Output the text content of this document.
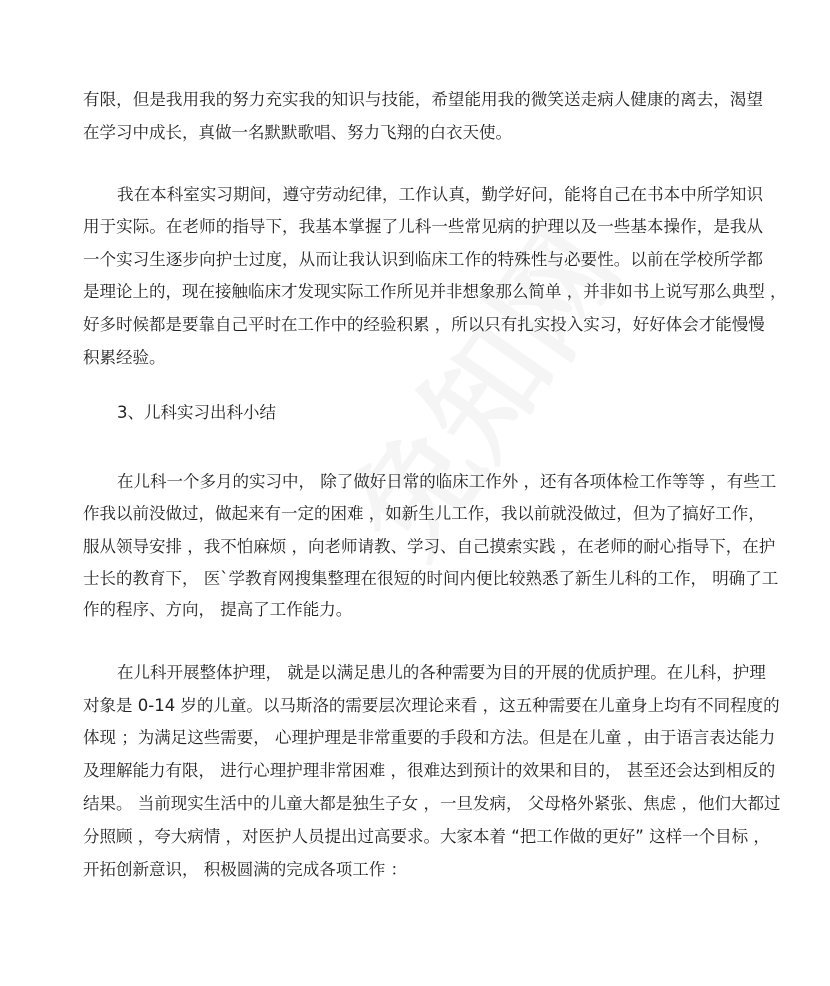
有限，但是我用我的努力充实我的知识与技能，希望能用我的微笑送走病人健康的离去，渴望
在学习中成长，真做一名默默歌唱、努力飞翔的白衣天使。
我在本科室实习期间，遵守劳动纪律，工作认真，勤学好问，能将自己在书本中所学知识
用于实际。在老师的指导下，我基本掌握了儿科一些常见病的护理以及一些基本操作，是我从
一个实习生逐步向护士过度，从而让我认识到临床工作的特殊性与必要性。以前在学校所学都
是理论上的，现在接触临床才发现实际工作所见并非想象那么简单 ，并非如书上说写那么典型 ，
好多时候都是要靠自己平时在工作中的经验积累 ，所以只有扎实投入实习，好好体会才能慢慢
积累经验。
3、儿科实习出科小结
在儿科一个多月的实习中， 除了做好日常的临床工作外 ，还有各项体检工作等等 ，有些工
作我以前没做过，做起来有一定的困难 ，如新生儿工作，我以前就没做过，但为了搞好工作，
服从领导安排 ，我不怕麻烦 ，向老师请教、学习、自己摸索实践 ，在老师的耐心指导下，在护
士长的教育下， 医`学教育网搜集整理在很短的时间内便比较熟悉了新生儿科的工作， 明确了工
作的程序、方向， 提高了工作能力。
在儿科开展整体护理， 就是以满足患儿的各种需要为目的开展的优质护理。在儿科，护理
对象是 0-14 岁的儿童。以马斯洛的需要层次理论来看 ，这五种需要在儿童身上均有不同程度的
体现 ；为满足这些需要， 心理护理是非常重要的手段和方法。但是在儿童 ，由于语言表达能力
及理解能力有限， 进行心理护理非常困难 ，很难达到预计的效果和目的， 甚至还会达到相反的
结果。 当前现实生活中的儿童大都是独生子女 ，一旦发病， 父母格外紧张、焦虑 ，他们大都过
分照顾 ，夸大病情 ，对医护人员提出过高要求。大家本着 “把工作做的更好” 这样一个目标 ，
开拓创新意识， 积极圆满的完成各项工作 ：
